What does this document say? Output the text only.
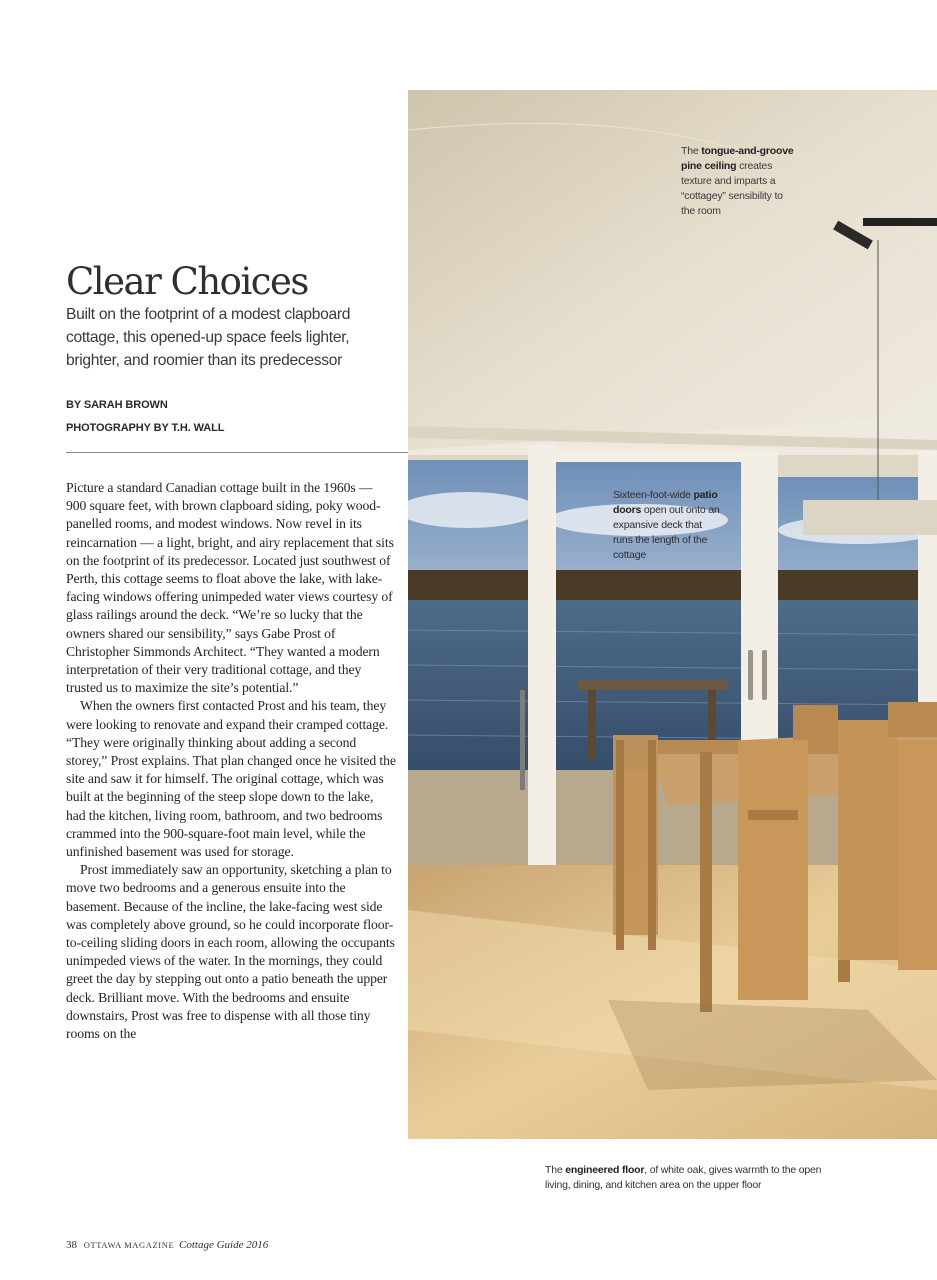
Clear Choices

Built on the footprint of a modest clapboard cottage, this opened-up space feels lighter, brighter, and roomier than its predecessor

BY SARAH BROWN
PHOTOGRAPHY BY T.H. WALL

Picture a standard Canadian cottage built in the 1960s — 900 square feet, with brown clapboard siding, poky wood-panelled rooms, and modest windows. Now revel in its reincarnation — a light, bright, and airy replacement that sits on the footprint of its predecessor. Located just southwest of Perth, this cottage seems to float above the lake, with lake-facing windows offering unimpeded water views courtesy of glass railings around the deck. “We’re so lucky that the owners shared our sensibility,” says Gabe Prost of Christopher Simmonds Architect. “They wanted a modern interpretation of their very traditional cottage, and they trusted us to maximize the site’s potential.”

When the owners first contacted Prost and his team, they were looking to renovate and expand their cramped cottage. “They were originally thinking about adding a second storey,” Prost explains. That plan changed once he visited the site and saw it for himself. The original cottage, which was built at the beginning of the steep slope down to the lake, had the kitchen, living room, bathroom, and two bedrooms crammed into the 900-square-foot main level, while the unfinished basement was used for storage.

Prost immediately saw an opportunity, sketching a plan to move two bedrooms and a generous ensuite into the basement. Because of the incline, the lake-facing west side was completely above ground, so he could incorporate floor-to-ceiling sliding doors in each room, allowing the occupants unimpeded views of the water. In the mornings, they could greet the day by stepping out onto a patio beneath the upper deck. Brilliant move. With the bedrooms and ensuite downstairs, Prost was free to dispense with all those tiny rooms on the

The tongue-and-groove pine ceiling creates texture and imparts a “cottagey” sensibility to the room
Sixteen-foot-wide patio doors open out onto an expansive deck that runs the length of the cottage
The engineered floor, of white oak, gives warmth to the open living, dining, and kitchen area on the upper floor
38 OTTAWA MAGAZINE Cottage Guide 2016
